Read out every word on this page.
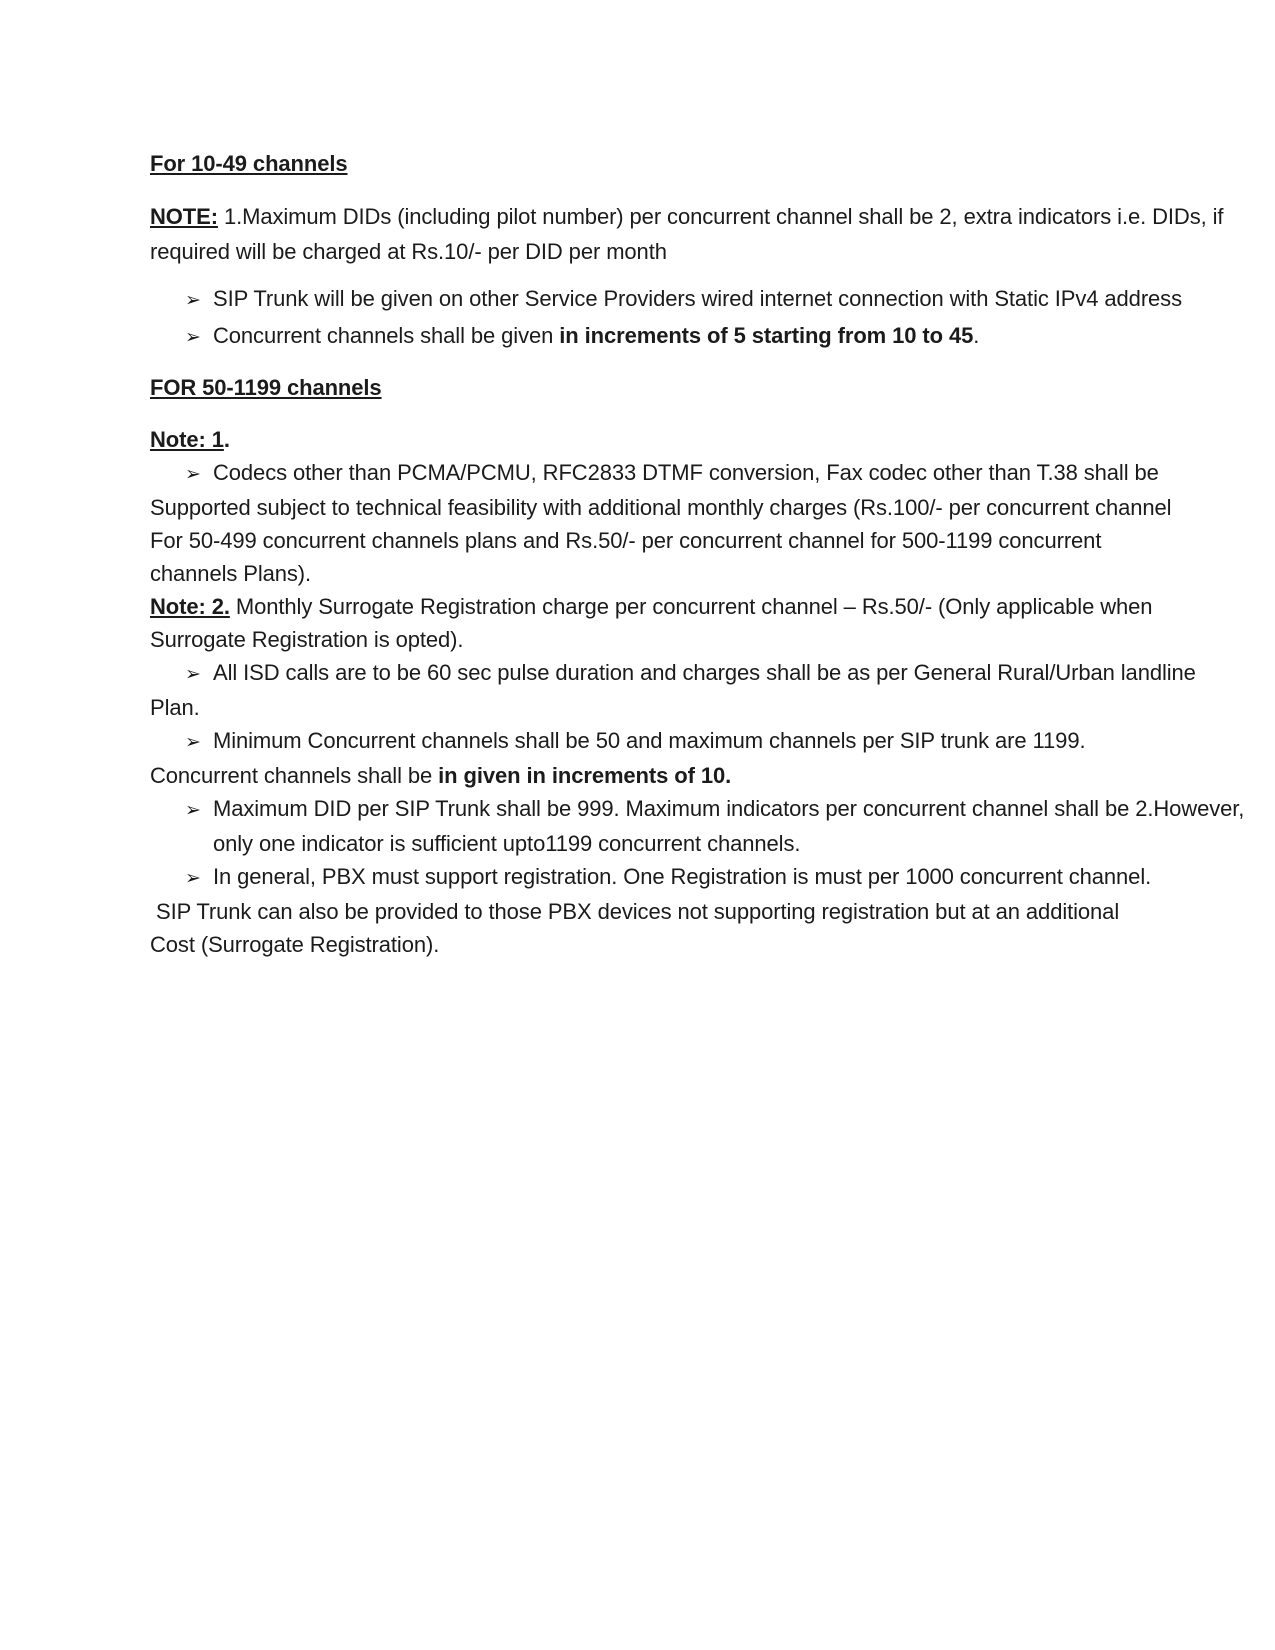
For 10-49 channels
NOTE: 1.Maximum DIDs (including pilot number) per concurrent channel shall be 2, extra indicators i.e. DIDs, if
required will be charged at Rs.10/- per DID per month
➢ SIP Trunk will be given on other Service Providers wired internet connection with Static IPv4 address
➢ Concurrent channels shall be given in increments of 5 starting from 10 to 45.
FOR 50-1199 channels
Note: 1.
➢ Codecs other than PCMA/PCMU, RFC2833 DTMF conversion, Fax codec other than T.38 shall be
Supported subject to technical feasibility with additional monthly charges (Rs.100/- per concurrent channel
For 50-499 concurrent channels plans and Rs.50/- per concurrent channel for 500-1199 concurrent
channels Plans).
Note: 2. Monthly Surrogate Registration charge per concurrent channel – Rs.50/- (Only applicable when
Surrogate Registration is opted).
➢ All ISD calls are to be 60 sec pulse duration and charges shall be as per General Rural/Urban landline
Plan.
➢ Minimum Concurrent channels shall be 50 and maximum channels per SIP trunk are 1199.
Concurrent channels shall be in given in increments of 10.
➢ Maximum DID per SIP Trunk shall be 999. Maximum indicators per concurrent channel shall be 2.However,
only one indicator is sufficient upto1199 concurrent channels.
➢ In general, PBX must support registration. One Registration is must per 1000 concurrent channel.
SIP Trunk can also be provided to those PBX devices not supporting registration but at an additional
Cost (Surrogate Registration).
